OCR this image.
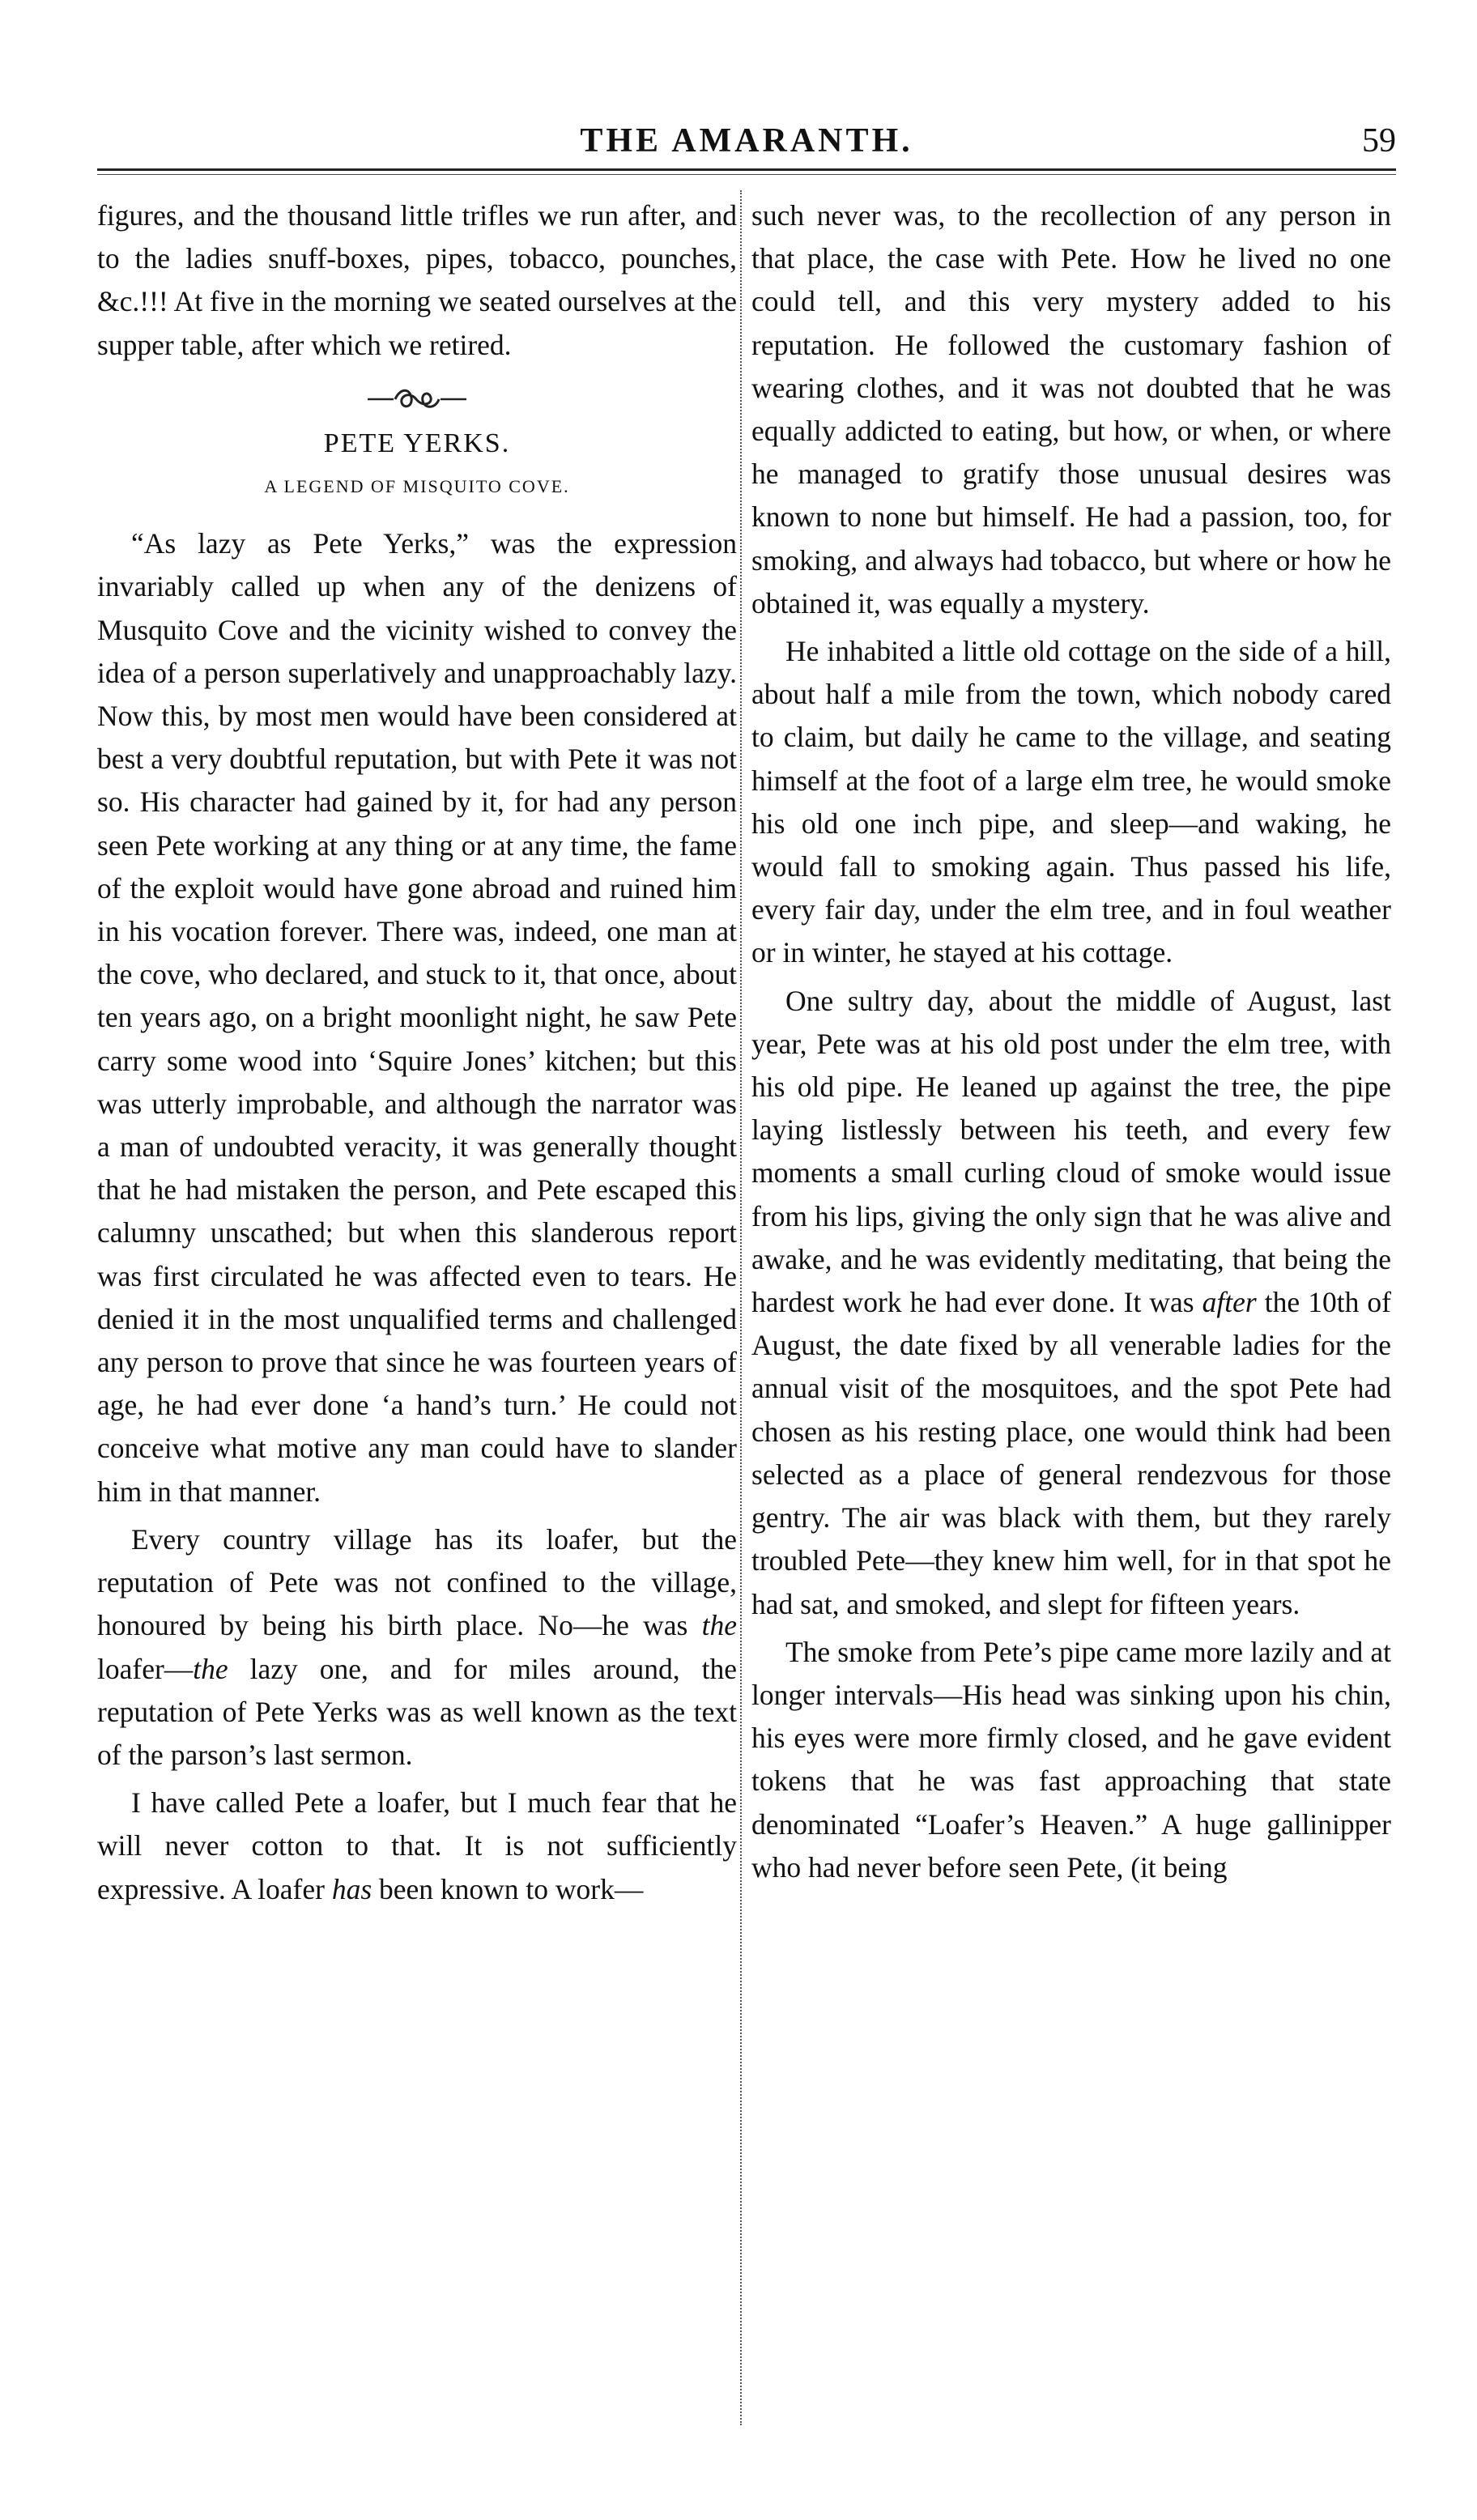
THE AMARANTH.	59

figures, and the thousand little trifles we run after, and to the ladies snuff-boxes, pipes, tobacco, pounches, &c.!!! At five in the morning we seated ourselves at the supper table, after which we retired.

PETE YERKS.
A LEGEND OF MISQUITO COVE.

“As lazy as Pete Yerks,” was the expression invariably called up when any of the denizens of Musquito Cove and the vicinity wished to convey the idea of a person superlatively and unapproachably lazy. Now this, by most men would have been considered at best a very doubtful reputation, but with Pete it was not so. His character had gained by it, for had any person seen Pete working at any thing or at any time, the fame of the exploit would have gone abroad and ruined him in his vocation forever. There was, indeed, one man at the cove, who declared, and stuck to it, that once, about ten years ago, on a bright moonlight night, he saw Pete carry some wood into ‘Squire Jones’ kitchen; but this was utterly improbable, and although the narrator was a man of undoubted veracity, it was generally thought that he had mistaken the person, and Pete escaped this calumny unscathed; but when this slanderous report was first circulated he was affected even to tears. He denied it in the most unqualified terms and challenged any person to prove that since he was fourteen years of age, he had ever done ‘a hand’s turn.’ He could not conceive what motive any man could have to slander him in that manner.

Every country village has its loafer, but the reputation of Pete was not confined to the village, honoured by being his birth place. No—he was the loafer—the lazy one, and for miles around, the reputation of Pete Yerks was as well known as the text of the parson’s last sermon.

I have called Pete a loafer, but I much fear that he will never cotton to that. It is not sufficiently expressive. A loafer has been known to work—

such never was, to the recollection of any person in that place, the case with Pete. How he lived no one could tell, and this very mystery added to his reputation. He followed the customary fashion of wearing clothes, and it was not doubted that he was equally addicted to eating, but how, or when, or where he managed to gratify those unusual desires was known to none but himself. He had a passion, too, for smoking, and always had tobacco, but where or how he obtained it, was equally a mystery.

He inhabited a little old cottage on the side of a hill, about half a mile from the town, which nobody cared to claim, but daily he came to the village, and seating himself at the foot of a large elm tree, he would smoke his old one inch pipe, and sleep—and waking, he would fall to smoking again. Thus passed his life, every fair day, under the elm tree, and in foul weather or in winter, he stayed at his cottage.

One sultry day, about the middle of August, last year, Pete was at his old post under the elm tree, with his old pipe. He leaned up against the tree, the pipe laying listlessly between his teeth, and every few moments a small curling cloud of smoke would issue from his lips, giving the only sign that he was alive and awake, and he was evidently meditating, that being the hardest work he had ever done. It was after the 10th of August, the date fixed by all venerable ladies for the annual visit of the mosquitoes, and the spot Pete had chosen as his resting place, one would think had been selected as a place of general rendezvous for those gentry. The air was black with them, but they rarely troubled Pete—they knew him well, for in that spot he had sat, and smoked, and slept for fifteen years.

The smoke from Pete’s pipe came more lazily and at longer intervals—His head was sinking upon his chin, his eyes were more firmly closed, and he gave evident tokens that he was fast approaching that state denominated “Loafer’s Heaven.” A huge gallinipper who had never before seen Pete, (it being
